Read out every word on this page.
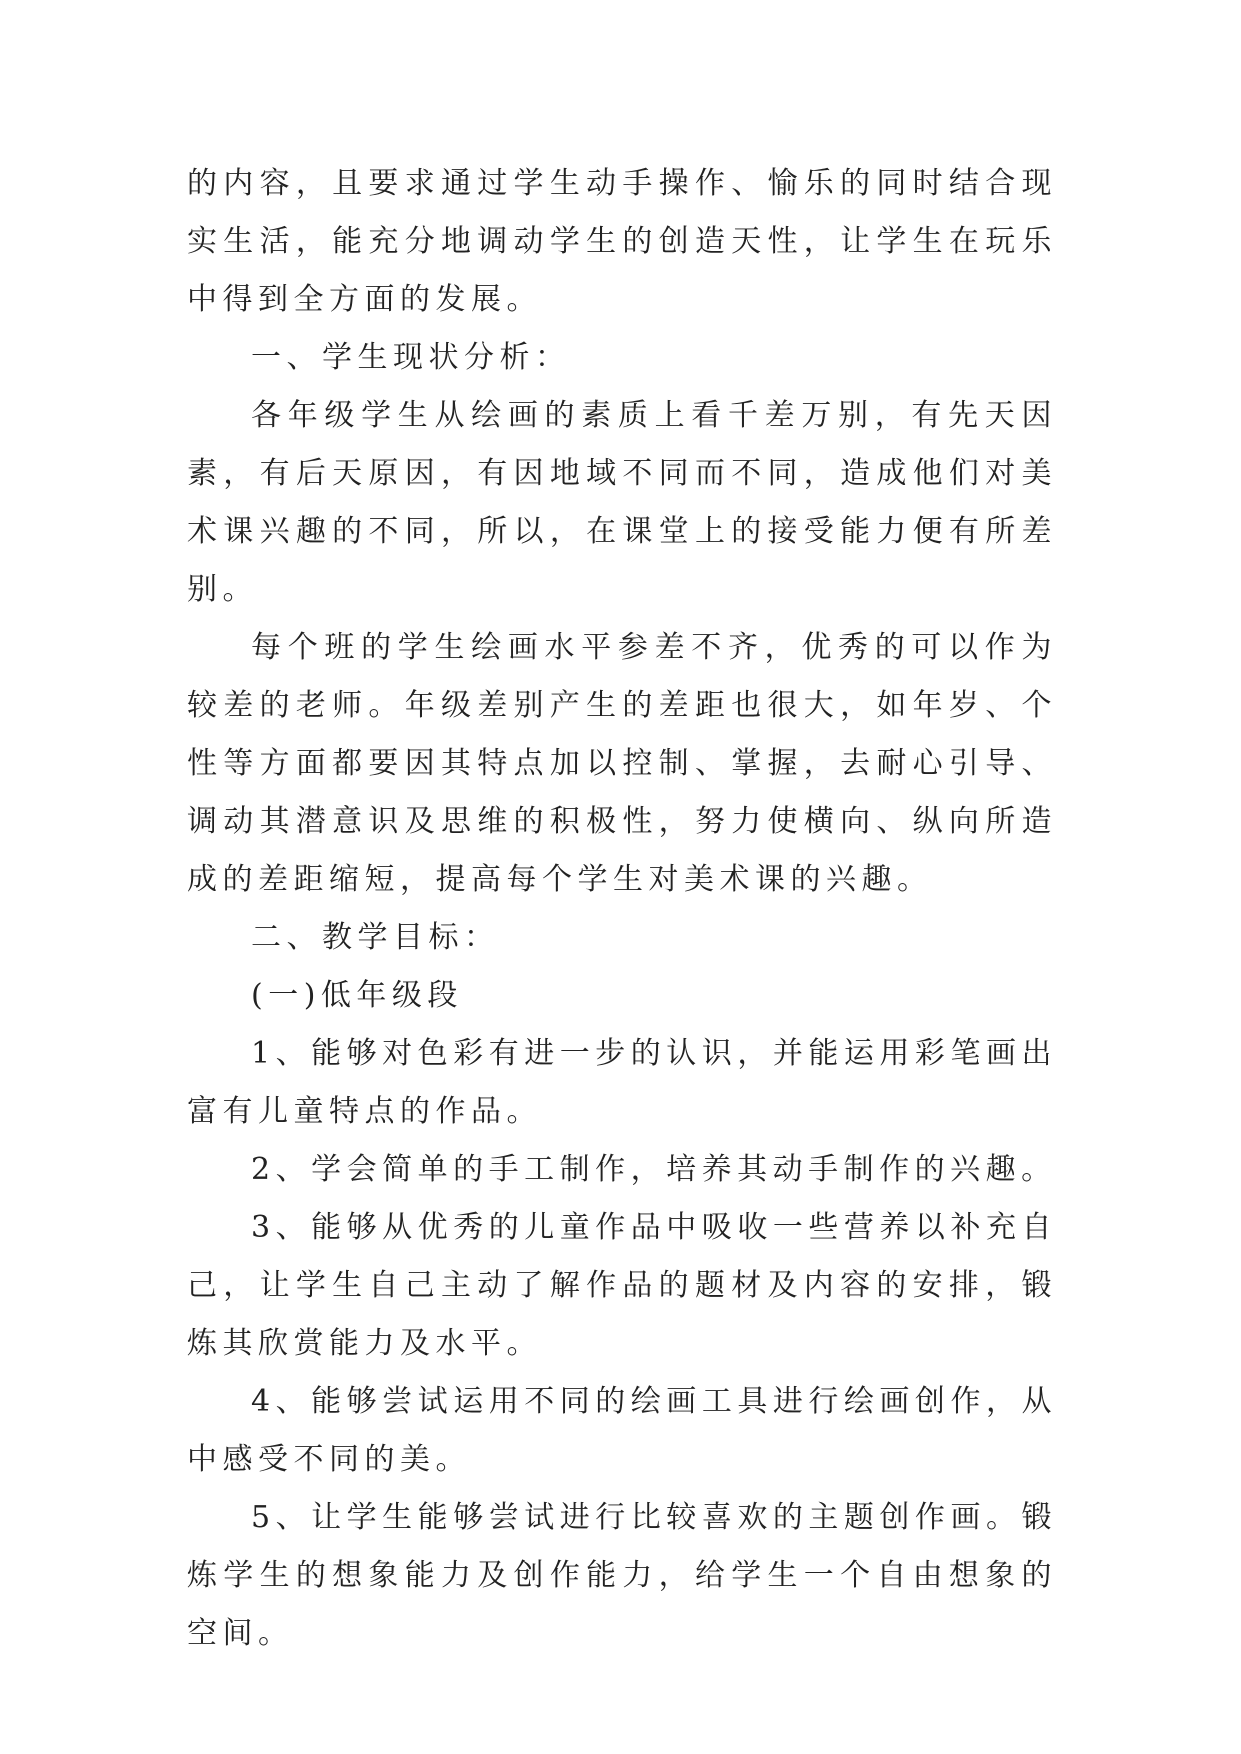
的内容，且要求通过学生动手操作、愉乐的同时结合现实生活，能充分地调动学生的创造天性，让学生在玩乐中得到全方面的发展。

一、学生现状分析：

各年级学生从绘画的素质上看千差万别，有先天因素，有后天原因，有因地域不同而不同，造成他们对美术课兴趣的不同，所以，在课堂上的接受能力便有所差别。

每个班的学生绘画水平参差不齐，优秀的可以作为较差的老师。年级差别产生的差距也很大，如年岁、个性等方面都要因其特点加以控制、掌握，去耐心引导、调动其潜意识及思维的积极性，努力使横向、纵向所造成的差距缩短，提高每个学生对美术课的兴趣。

二、教学目标：

(一)低年级段

1、能够对色彩有进一步的认识，并能运用彩笔画出富有儿童特点的作品。

2、学会简单的手工制作，培养其动手制作的兴趣。

3、能够从优秀的儿童作品中吸收一些营养以补充自己，让学生自己主动了解作品的题材及内容的安排，锻炼其欣赏能力及水平。

4、能够尝试运用不同的绘画工具进行绘画创作，从中感受不同的美。

5、让学生能够尝试进行比较喜欢的主题创作画。锻炼学生的想象能力及创作能力，给学生一个自由想象的空间。
